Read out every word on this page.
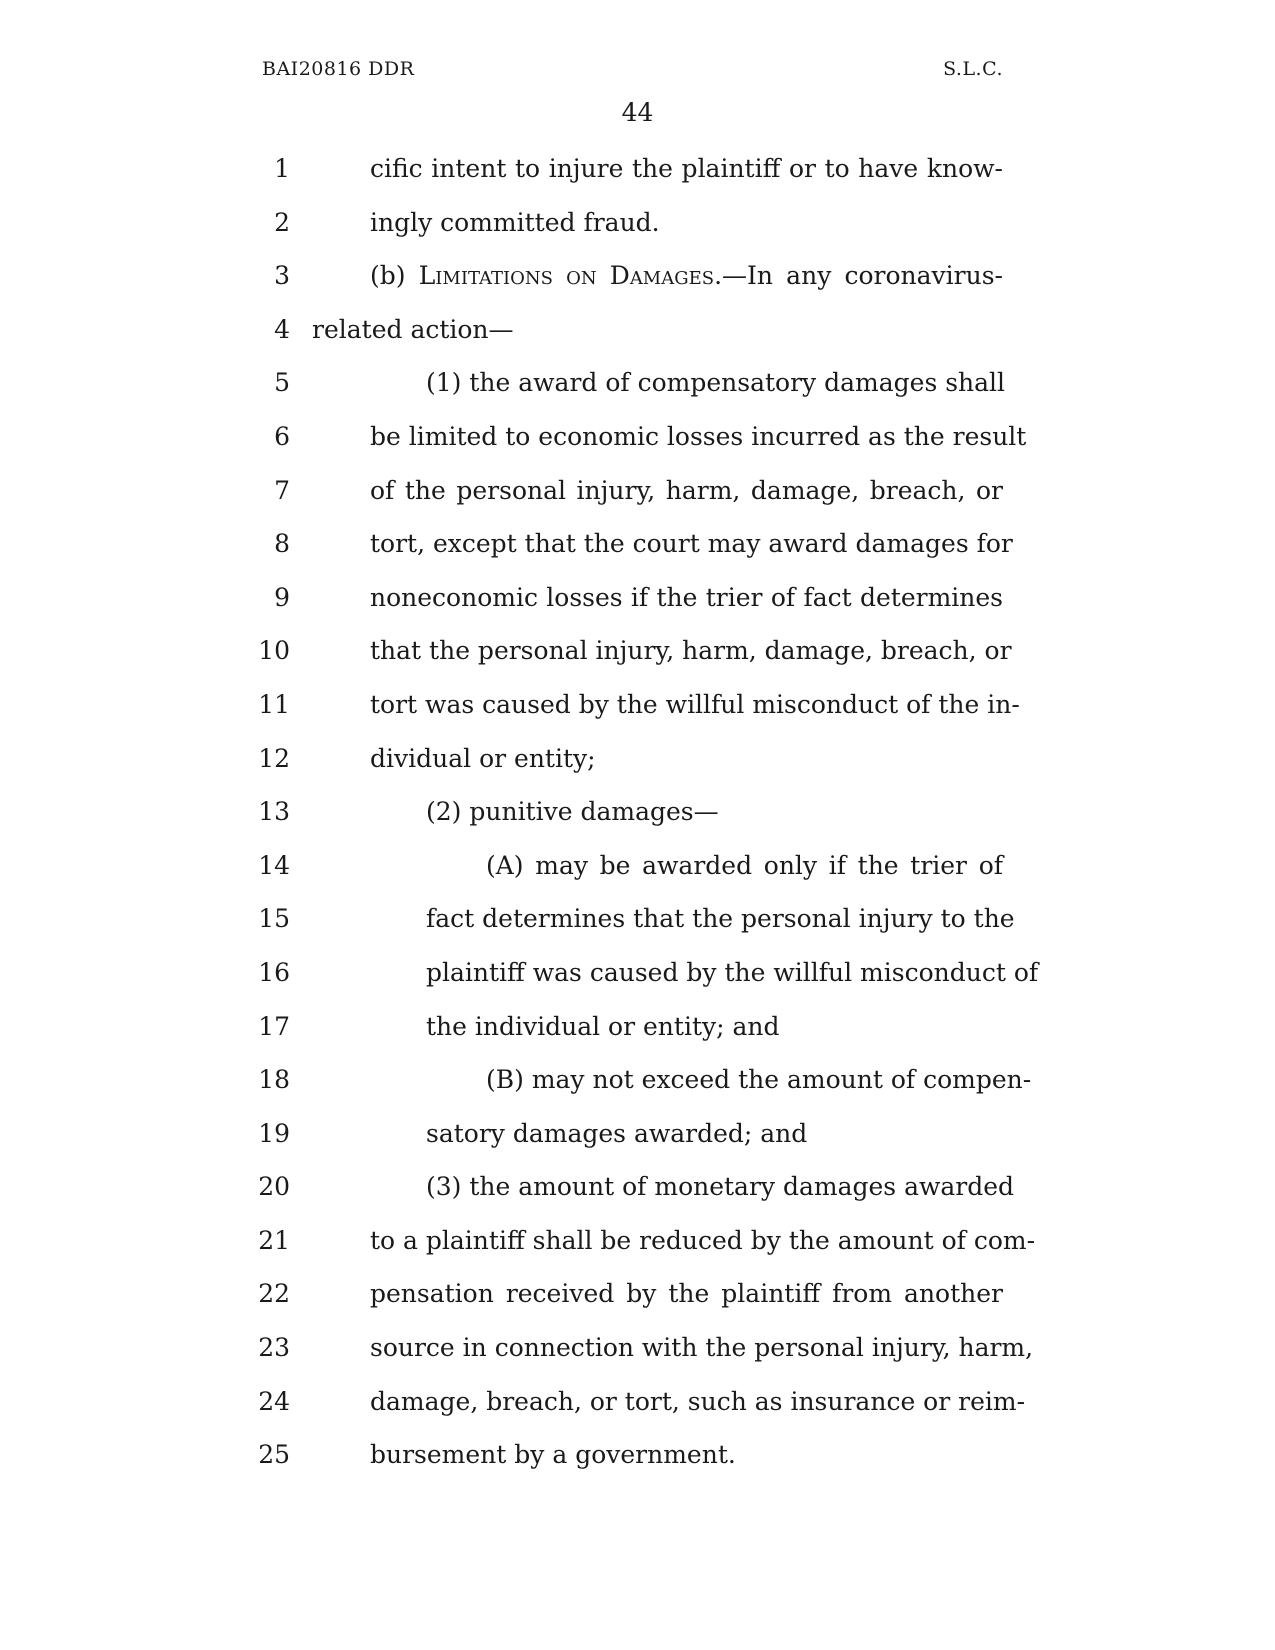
BAI20816 DDR	S.L.C.
44
1	cific intent to injure the plaintiff or to have know-
2	ingly committed fraud.
3	(b) Limitations on Damages.—In any coronavirus-
4 related action—
5	(1) the award of compensatory damages shall
6	be limited to economic losses incurred as the result
7	of the personal injury, harm, damage, breach, or
8	tort, except that the court may award damages for
9	noneconomic losses if the trier of fact determines
10	that the personal injury, harm, damage, breach, or
11	tort was caused by the willful misconduct of the in-
12	dividual or entity;
13	(2) punitive damages—
14	(A) may be awarded only if the trier of
15	fact determines that the personal injury to the
16	plaintiff was caused by the willful misconduct of
17	the individual or entity; and
18	(B) may not exceed the amount of compen-
19	satory damages awarded; and
20	(3) the amount of monetary damages awarded
21	to a plaintiff shall be reduced by the amount of com-
22	pensation received by the plaintiff from another
23	source in connection with the personal injury, harm,
24	damage, breach, or tort, such as insurance or reim-
25	bursement by a government.
